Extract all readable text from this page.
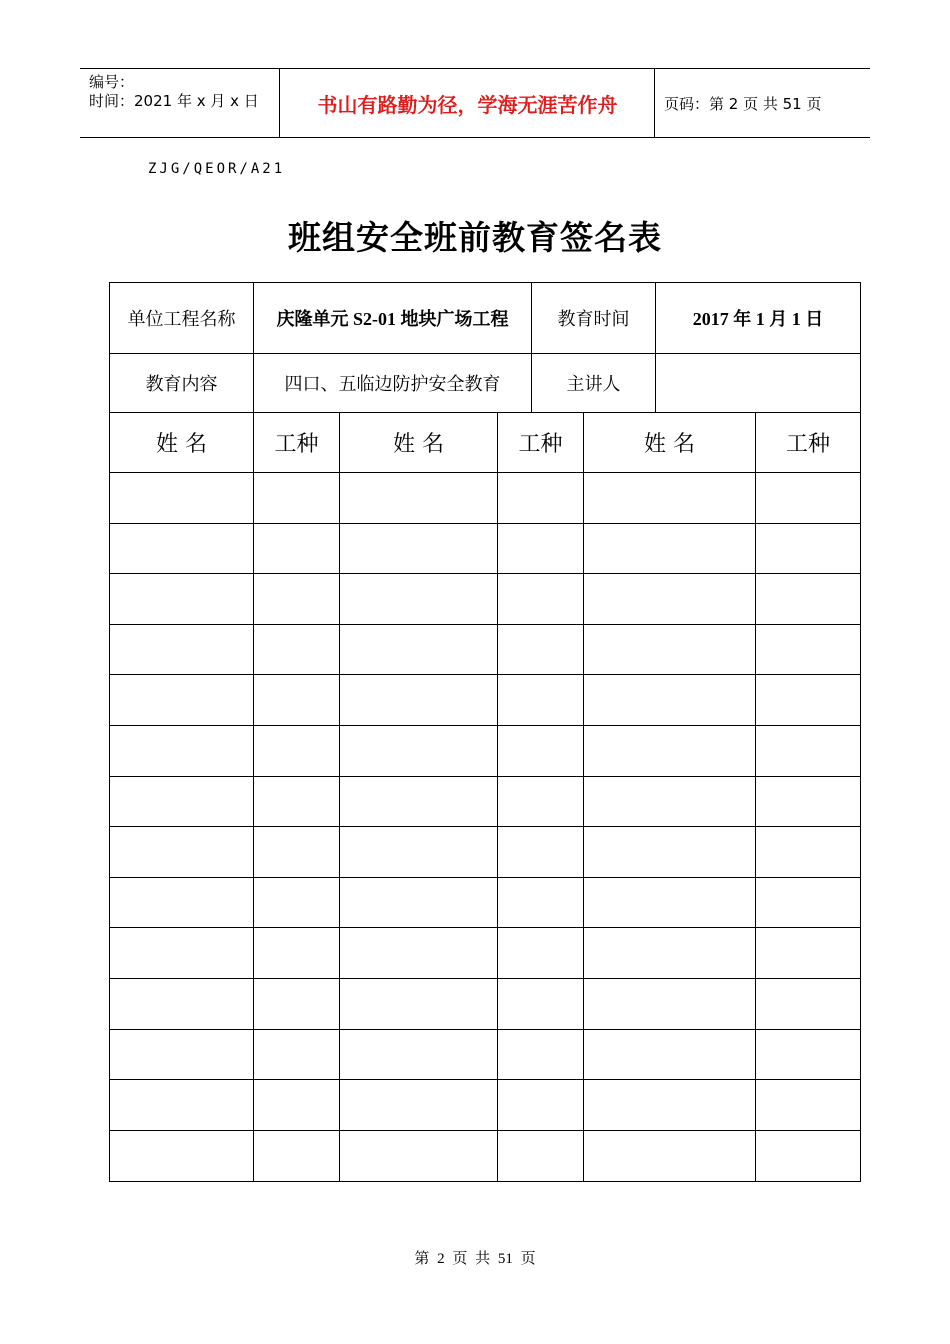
编号：
时间：2021 年 x 月 x 日	书山有路勤为径，学海无涯苦作舟	页码：第 2 页 共 51 页
ZJG/QEOR/A21
班组安全班前教育签名表
单位工程名称	庆隆单元 S2-01 地块广场工程	教育时间	2017 年 1 月 1 日
教育内容	四口、五临边防护安全教育	主讲人
姓 名	工种	姓 名	工种	姓 名	工种
第 2 页 共 51 页
